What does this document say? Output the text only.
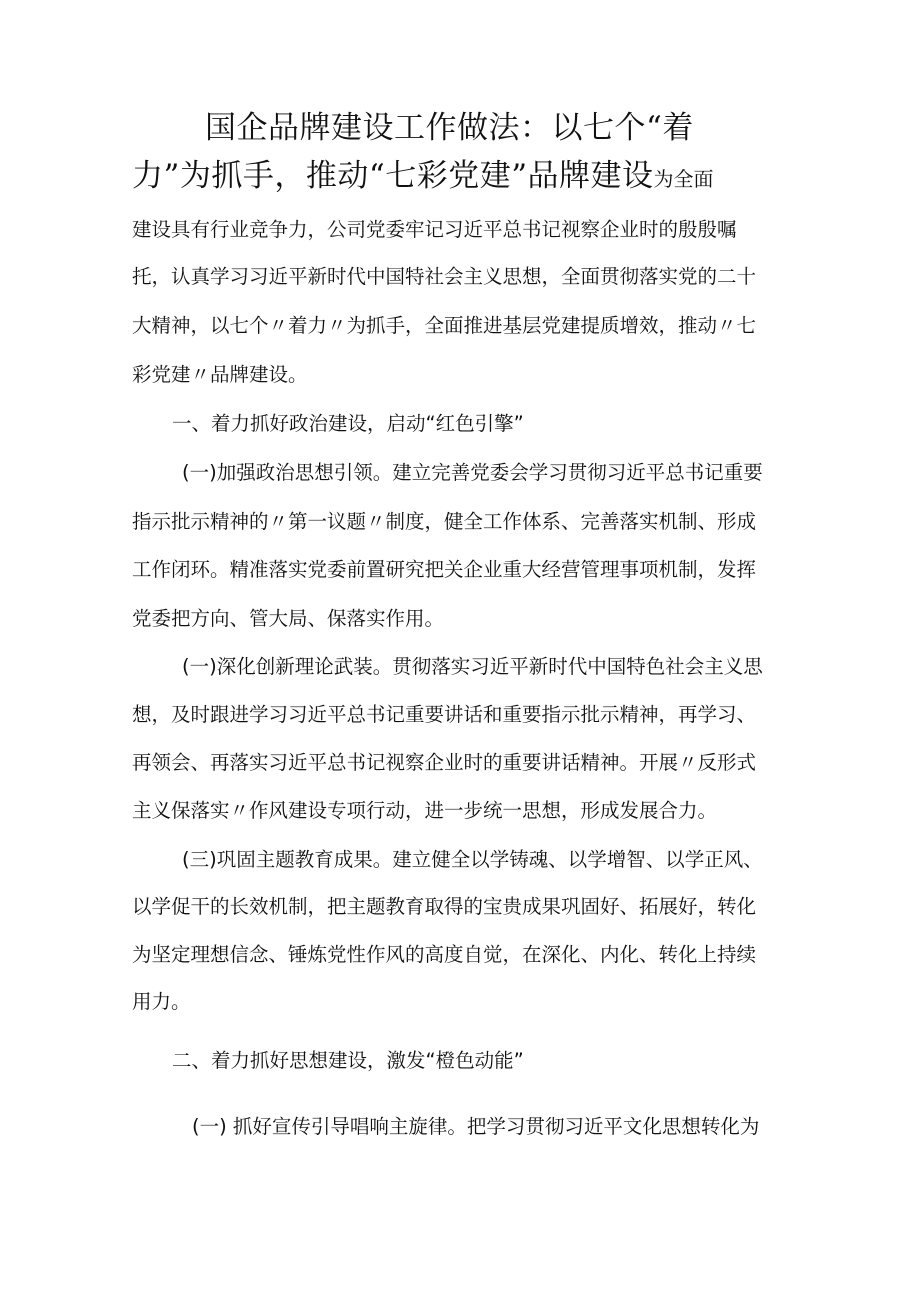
国企品牌建设工作做法：以七个“着
力”为抓手，推动“七彩党建”品牌建设为全面
建设具有行业竞争力，公司党委牢记习近平总书记视察企业时的殷殷嘱
托，认真学习习近平新时代中国特社会主义思想，全面贯彻落实党的二十
大精神，以七个〃着力〃为抓手，全面推进基层党建提质增效，推动〃七
彩党建〃品牌建设。
一、着力抓好政治建设，启动“红色引擎”
(一)加强政治思想引领。建立完善党委会学习贯彻习近平总书记重要
指示批示精神的〃第一议题〃制度，健全工作体系、完善落实机制、形成
工作闭环。精准落实党委前置研究把关企业重大经营管理事项机制，发挥
党委把方向、管大局、保落实作用。
(一)深化创新理论武装。贯彻落实习近平新时代中国特色社会主义思
想，及时跟进学习习近平总书记重要讲话和重要指示批示精神，再学习、
再领会、再落实习近平总书记视察企业时的重要讲话精神。开展〃反形式
主义保落实〃作风建设专项行动，进一步统一思想，形成发展合力。
(三)巩固主题教育成果。建立健全以学铸魂、以学增智、以学正风、
以学促干的长效机制，把主题教育取得的宝贵成果巩固好、拓展好，转化
为坚定理想信念、锤炼党性作风的高度自觉，在深化、内化、转化上持续
用力。
二、着力抓好思想建设，激发“橙色动能”
(一) 抓好宣传引导唱响主旋律。把学习贯彻习近平文化思想转化为
